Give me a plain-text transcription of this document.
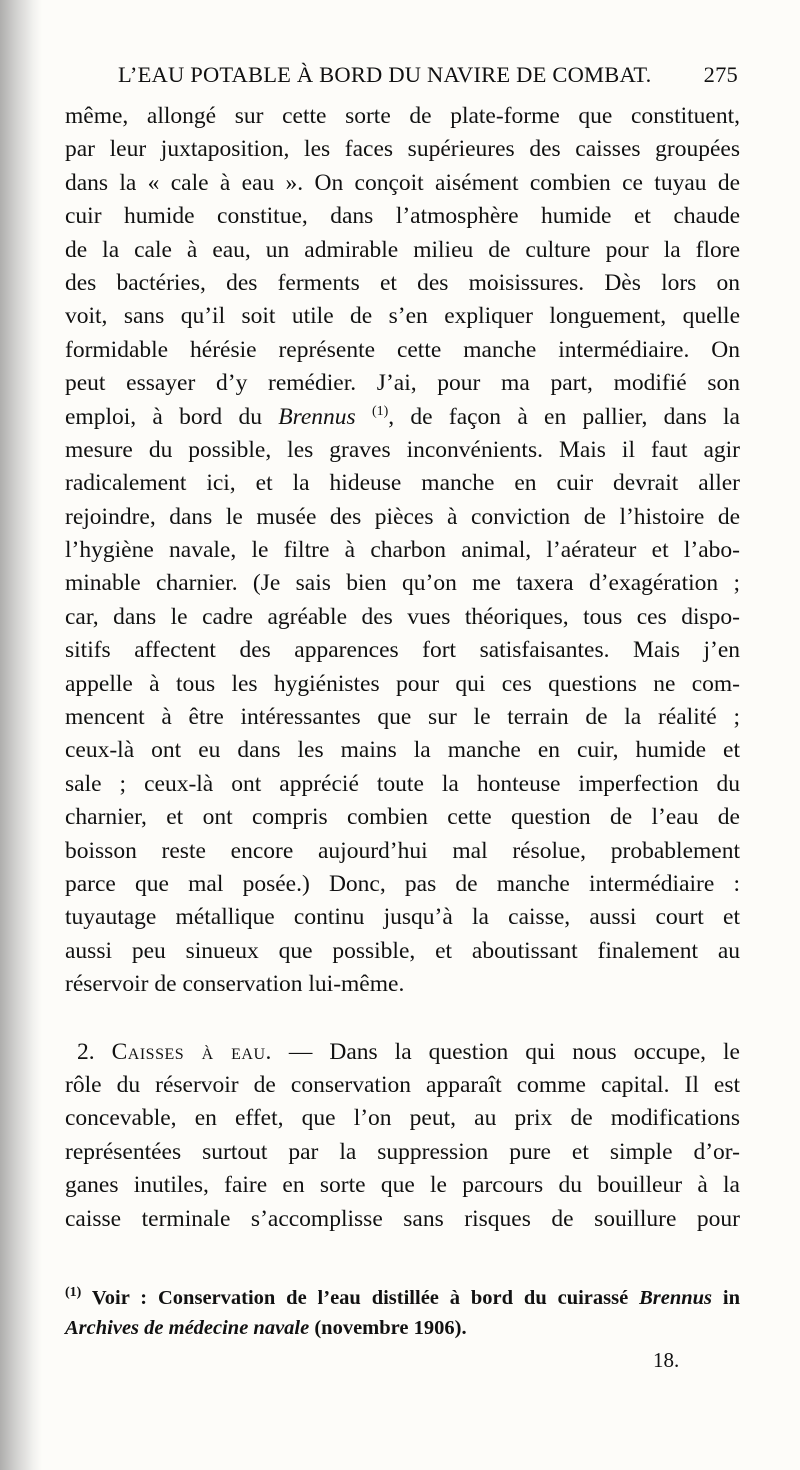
L’EAU POTABLE À BORD DU NAVIRE DE COMBAT. 275
même, allongé sur cette sorte de plate-forme que constituent,
par leur juxtaposition, les faces supérieures des caisses groupées
dans la « cale à eau ». On conçoit aisément combien ce tuyau de
cuir humide constitue, dans l’atmosphère humide et chaude
de la cale à eau, un admirable milieu de culture pour la flore
des bactéries, des ferments et des moisissures. Dès lors on
voit, sans qu’il soit utile de s’en expliquer longuement, quelle
formidable hérésie représente cette manche intermédiaire. On
peut essayer d’y remédier. J’ai, pour ma part, modifié son
emploi, à bord du Brennus $^{(1)}$, de façon à en pallier, dans la
mesure du possible, les graves inconvénients. Mais il faut agir
radicalement ici, et la hideuse manche en cuir devrait aller
rejoindre, dans le musée des pièces à conviction de l’histoire de
l’hygiène navale, le filtre à charbon animal, l’aérateur et l’abo-
minable charnier. (Je sais bien qu’on me taxera d’exagération ;
car, dans le cadre agréable des vues théoriques, tous ces dispo-
sitifs affectent des apparences fort satisfaisantes. Mais j’en
appelle à tous les hygiénistes pour qui ces questions ne com-
mencent à être intéressantes que sur le terrain de la réalité ;
ceux-là ont eu dans les mains la manche en cuir, humide et
sale ; ceux-là ont apprécié toute la honteuse imperfection du
charnier, et ont compris combien cette question de l’eau de
boisson reste encore aujourd’hui mal résolue, probablement
parce que mal posée.) Donc, pas de manche intermédiaire :
tuyautage métallique continu jusqu’à la caisse, aussi court et
aussi peu sinueux que possible, et aboutissant finalement au
réservoir de conservation lui-même.
2. Caisses à eau. — Dans la question qui nous occupe, le
rôle du réservoir de conservation apparaît comme capital. Il est
concevable, en effet, que l’on peut, au prix de modifications
représentées surtout par la suppression pure et simple d’or-
ganes inutiles, faire en sorte que le parcours du bouilleur à la
caisse terminale s’accomplisse sans risques de souillure pour
$^{(1)}$ Voir : Conservation de l’eau distillée à bord du cuirassé Brennus in
Archives de médecine navale (novembre 1906).
18.
